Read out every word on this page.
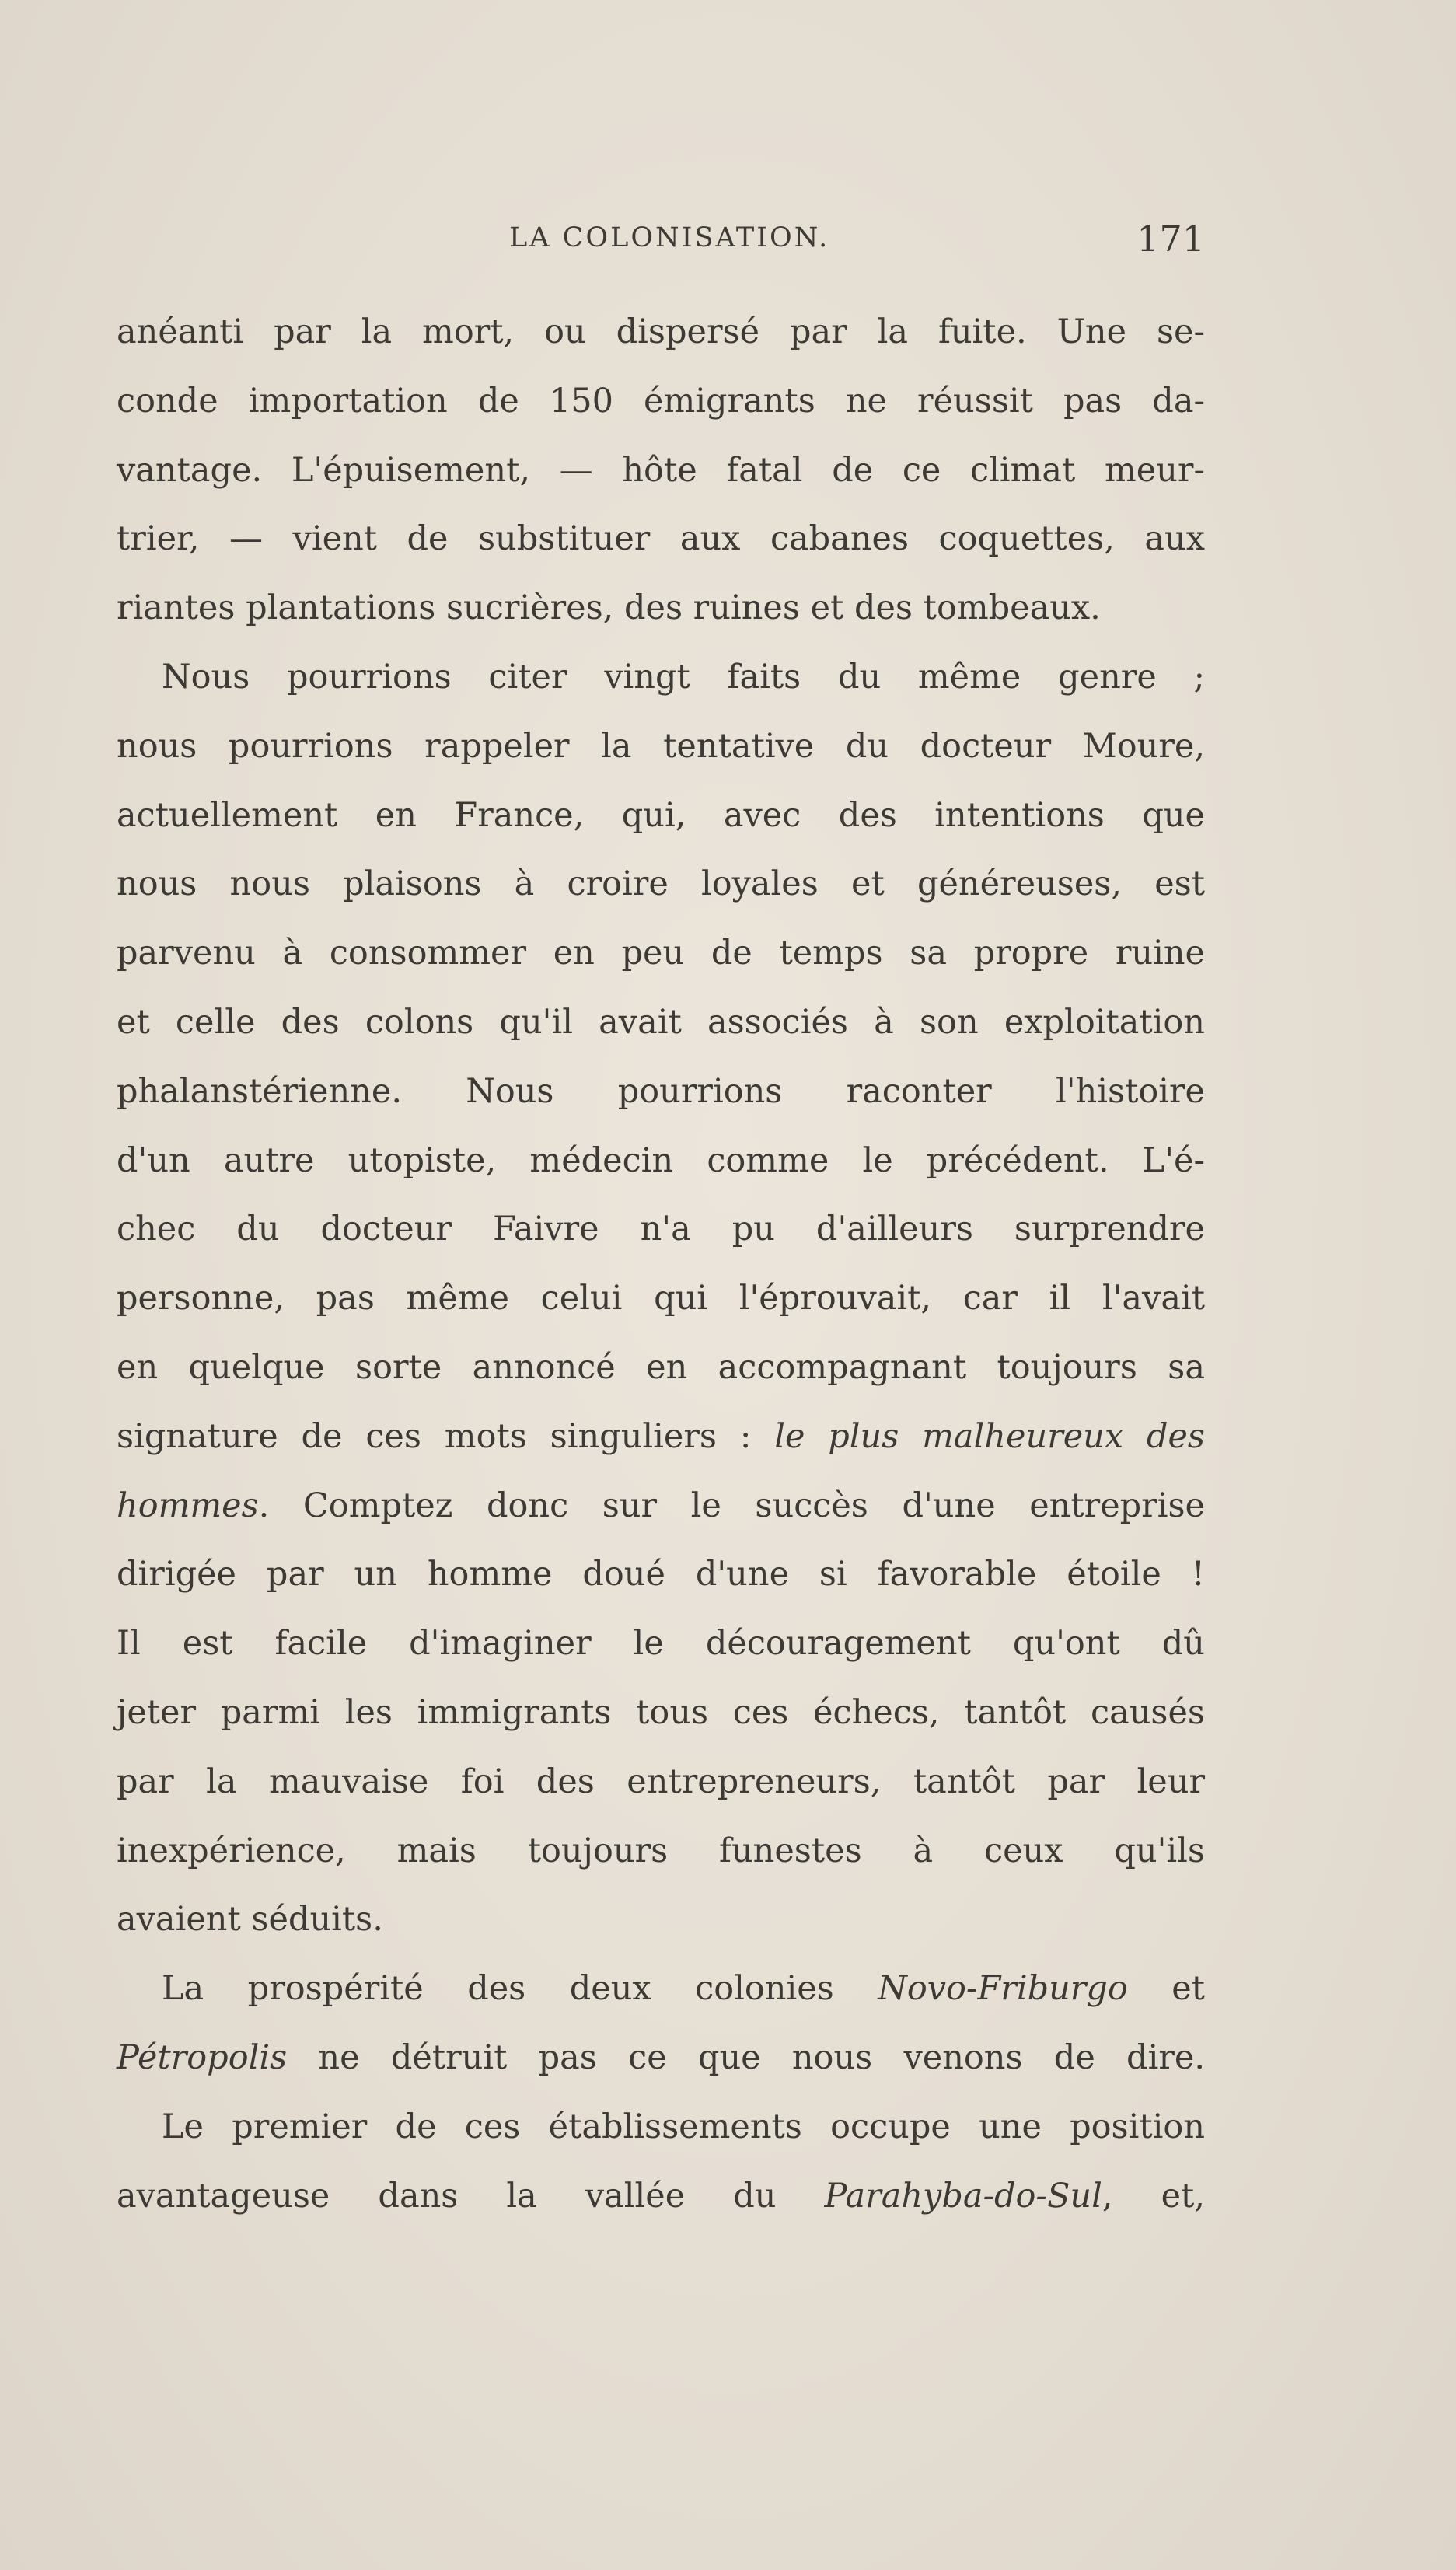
LA COLONISATION.	171
anéanti par la mort, ou dispersé par la fuite. Une se-
conde importation de 150 émigrants ne réussit pas da-
vantage. L'épuisement, — hôte fatal de ce climat meur-
trier, — vient de substituer aux cabanes coquettes, aux
riantes plantations sucrières, des ruines et des tombeaux.
Nous pourrions citer vingt faits du même genre ;
nous pourrions rappeler la tentative du docteur Moure,
actuellement en France, qui, avec des intentions que
nous nous plaisons à croire loyales et généreuses, est
parvenu à consommer en peu de temps sa propre ruine
et celle des colons qu'il avait associés à son exploitation
phalanstérienne. Nous pourrions raconter l'histoire
d'un autre utopiste, médecin comme le précédent. L'é-
chec du docteur Faivre n'a pu d'ailleurs surprendre
personne, pas même celui qui l'éprouvait, car il l'avait
en quelque sorte annoncé en accompagnant toujours sa
signature de ces mots singuliers : le plus malheureux des
hommes. Comptez donc sur le succès d'une entreprise
dirigée par un homme doué d'une si favorable étoile !
Il est facile d'imaginer le découragement qu'ont dû
jeter parmi les immigrants tous ces échecs, tantôt causés
par la mauvaise foi des entrepreneurs, tantôt par leur
inexpérience, mais toujours funestes à ceux qu'ils
avaient séduits.
La prospérité des deux colonies Novo-Friburgo et
Pétropolis ne détruit pas ce que nous venons de dire.
Le premier de ces établissements occupe une position
avantageuse dans la vallée du Parahyba-do-Sul, et,
